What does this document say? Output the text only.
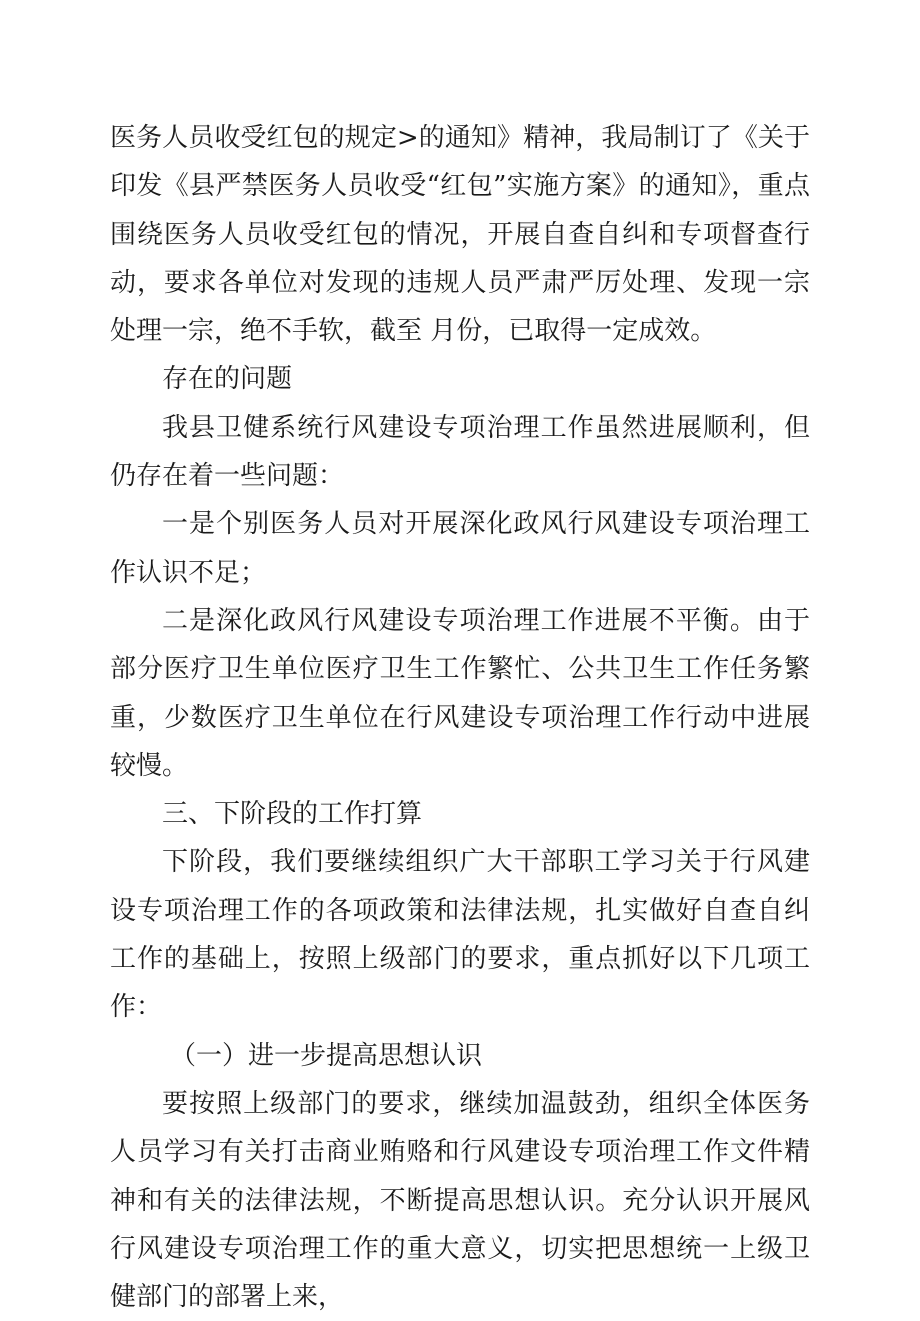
医务人员收受红包的规定>的通知》精神，我局制订了《关于印发《县严禁医务人员收受“红包”实施方案》的通知》，重点围绕医务人员收受红包的情况，开展自查自纠和专项督查行动，要求各单位对发现的违规人员严肃严厉处理、发现一宗处理一宗，绝不手软，截至 月份，已取得一定成效。

存在的问题

我县卫健系统行风建设专项治理工作虽然进展顺利，但仍存在着一些问题：

一是个别医务人员对开展深化政风行风建设专项治理工作认识不足；

二是深化政风行风建设专项治理工作进展不平衡。由于部分医疗卫生单位医疗卫生工作繁忙、公共卫生工作任务繁重，少数医疗卫生单位在行风建设专项治理工作行动中进展较慢。

三、下阶段的工作打算

下阶段，我们要继续组织广大干部职工学习关于行风建设专项治理工作的各项政策和法律法规，扎实做好自查自纠工作的基础上，按照上级部门的要求，重点抓好以下几项工作：

（一）进一步提高思想认识

要按照上级部门的要求，继续加温鼓劲，组织全体医务人员学习有关打击商业贿赂和行风建设专项治理工作文件精神和有关的法律法规，不断提高思想认识。充分认识开展风行风建设专项治理工作的重大意义，切实把思想统一上级卫健部门的部署上来，
